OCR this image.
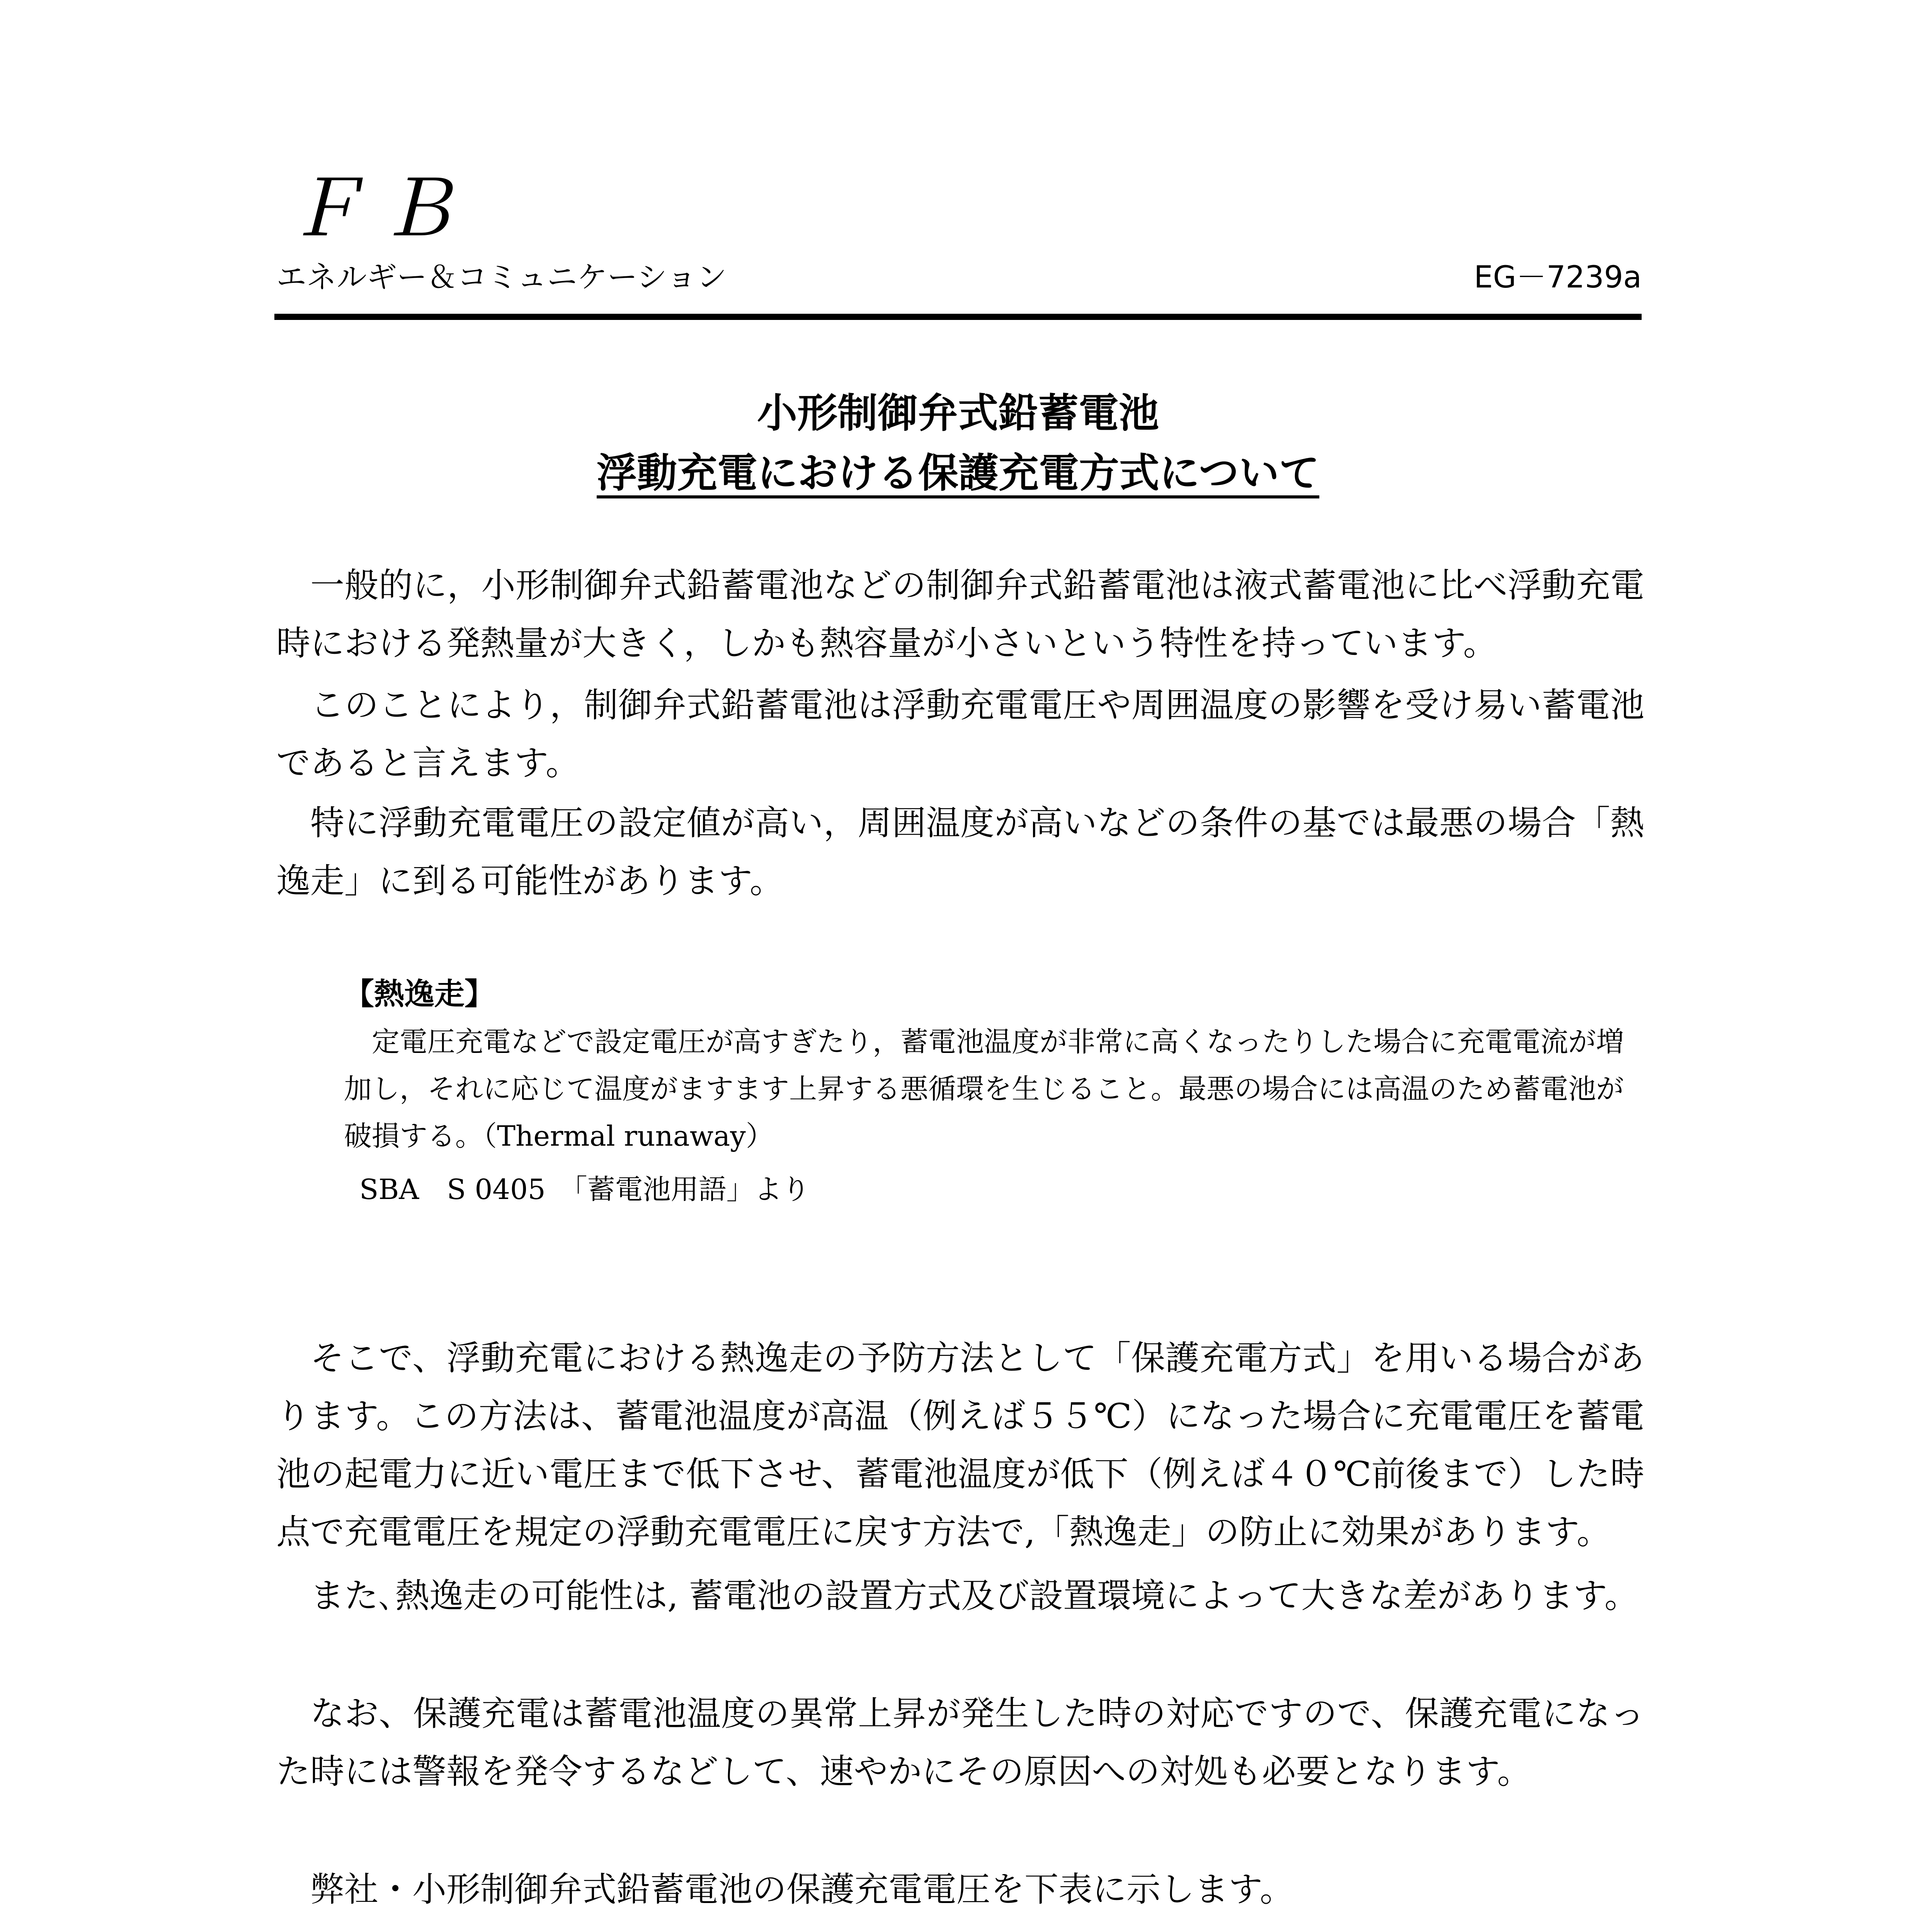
ＦＢ
エネルギー＆コミュニケーション	EG－7239a
小形制御弁式鉛蓄電池
浮動充電における保護充電方式について

一般的に，小形制御弁式鉛蓄電池などの制御弁式鉛蓄電池は液式蓄電池に比べ浮動充電時における発熱量が大きく，しかも熱容量が小さいという特性を持っています。

このことにより，制御弁式鉛蓄電池は浮動充電電圧や周囲温度の影響を受け易い蓄電池であると言えます。

特に浮動充電電圧の設定値が高い，周囲温度が高いなどの条件の基では最悪の場合「熱逸走」に到る可能性があります。

【熱逸走】

定電圧充電などで設定電圧が高すぎたり，蓄電池温度が非常に高くなったりした場合に充電電流が増加し，それに応じて温度がますます上昇する悪循環を生じること。最悪の場合には高温のため蓄電池が破損する。（Thermal runaway）

SBA　S 0405　「蓄電池用語」より

そこで、浮動充電における熱逸走の予防方法として「保護充電方式」を用いる場合があります。この方法は、蓄電池温度が高温（例えば５５℃）になった場合に充電電圧を蓄電池の起電力に近い電圧まで低下させ、蓄電池温度が低下（例えば４０℃前後まで）した時点で充電電圧を規定の浮動充電電圧に戻す方法で,「熱逸走」の防止に効果があります。

また､熱逸走の可能性は, 蓄電池の設置方式及び設置環境によって大きな差があります。

なお、保護充電は蓄電池温度の異常上昇が発生した時の対応ですので、保護充電になった時には警報を発令するなどして、速やかにその原因への対処も必要となります。

弊社・小形制御弁式鉛蓄電池の保護充電電圧を下表に示します。
